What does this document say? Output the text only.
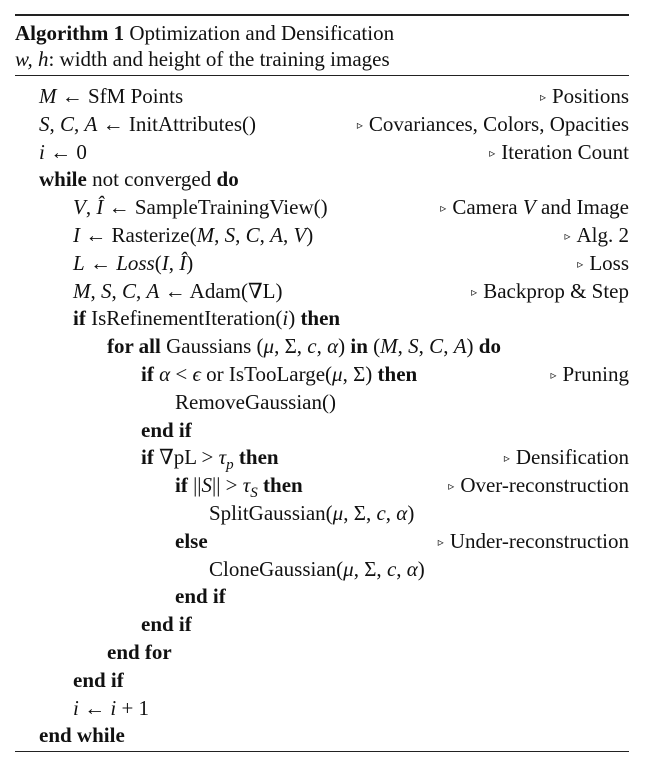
Algorithm 1 Optimization and Densification
w, h: width and height of the training images
M ← SfM Points	▹ Positions
S, C, A ← InitAttributes()	▹ Covariances, Colors, Opacities
i ← 0	▹ Iteration Count
while not converged do
V, Î ← SampleTrainingView()	▹ Camera V and Image
I ← Rasterize(M, S, C, A, V)	▹ Alg. 2
L ← Loss(I, Î)	▹ Loss
M, S, C, A ← Adam(∇L)	▹ Backprop & Step
if IsRefinementIteration(i) then
for all Gaussians (μ, Σ, c, α) in (M, S, C, A) do
if α < ϵ or IsTooLarge(μ, Σ) then	▹ Pruning
RemoveGaussian()
end if
if $\nabla pL > \tau_p$ then	▹ Densification
if $||S|| > \tau_S$ then	▹ Over-reconstruction
SplitGaussian(μ, Σ, c, α)
else	▹ Under-reconstruction
CloneGaussian(μ, Σ, c, α)
end if
end if
end for
end if
i ← i + 1
end while
